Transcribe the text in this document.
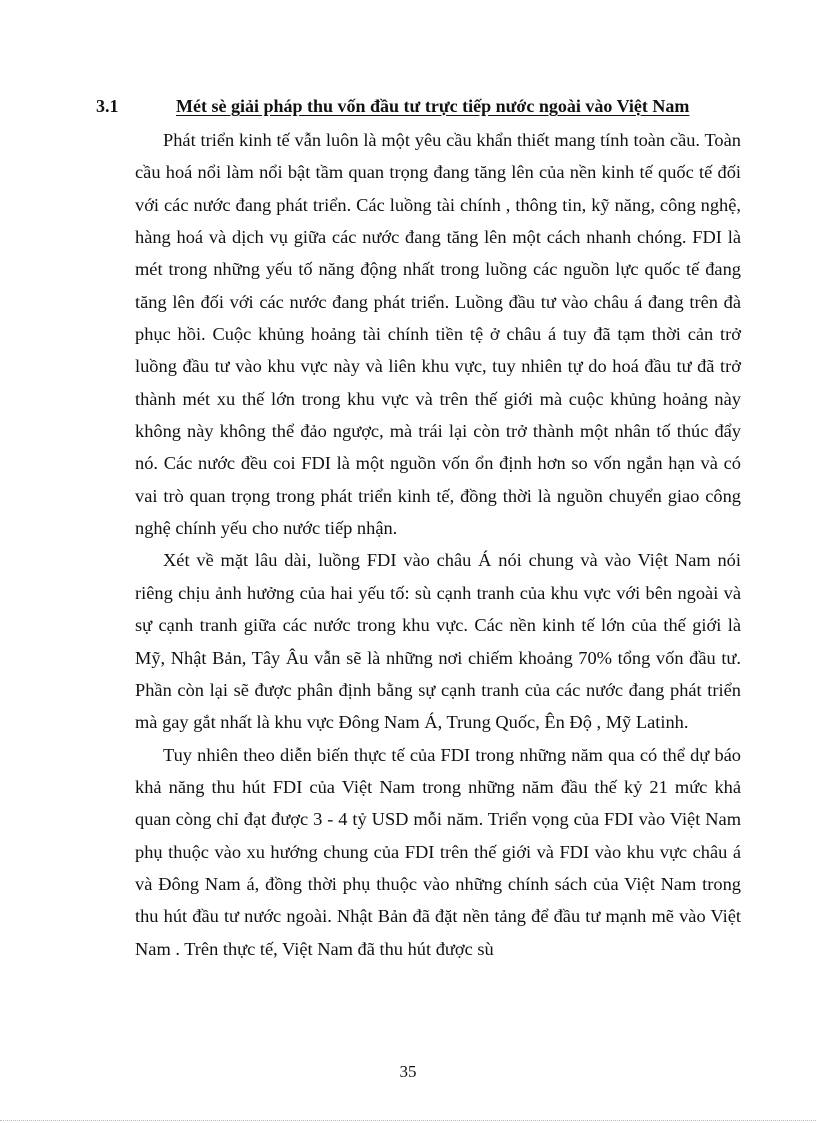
3.1	Mét sè giải pháp thu vốn đầu tư trực tiếp nước ngoài vào Việt Nam

Phát triển kinh tế vẫn luôn là một yêu cầu khẩn thiết mang tính toàn cầu. Toàn cầu hoá nổi làm nổi bật tầm quan trọng đang tăng lên của nền kinh tế quốc tế đối với các nước đang phát triển. Các luồng tài chính , thông tin, kỹ năng, công nghệ, hàng hoá và dịch vụ giữa các nước đang tăng lên một cách nhanh chóng. FDI là mét trong những yếu tố năng động nhất trong luồng các nguồn lực quốc tế đang tăng lên đối với các nước đang phát triển. Luồng đầu tư vào châu á đang trên đà phục hồi. Cuộc khủng hoảng tài chính tiền tệ ở châu á tuy đã tạm thời cản trở luồng đầu tư vào khu vực này và liên khu vực, tuy nhiên tự do hoá đầu tư đã trở thành mét xu thế lớn trong khu vực và trên thế giới mà cuộc khủng hoảng này không này không thể đảo ngược, mà trái lại còn trở thành một nhân tố thúc đẩy nó. Các nước đều coi FDI là một nguồn vốn ổn định hơn so vốn ngắn hạn và có vai trò quan trọng trong phát triển kinh tế, đồng thời là nguồn chuyển giao công nghệ chính yếu cho nước tiếp nhận.

Xét về mặt lâu dài, luồng FDI vào châu Á nói chung và vào Việt Nam nói riêng chịu ảnh hưởng của hai yếu tố: sù cạnh tranh của khu vực với bên ngoài và sự cạnh tranh giữa các nước trong khu vực. Các nền kinh tế lớn của thế giới là Mỹ, Nhật Bản, Tây Âu vẫn sẽ là những nơi chiếm khoảng 70% tổng vốn đầu tư. Phần còn lại sẽ được phân định bằng sự cạnh tranh của các nước đang phát triển mà gay gắt nhất là khu vực Đông Nam Á, Trung Quốc, Ên Độ , Mỹ Latinh.

Tuy nhiên theo diễn biến thực tế của FDI trong những năm qua có thể dự báo khả năng thu hút FDI của Việt Nam trong những năm đầu thế kỷ 21 mức khả quan còng chỉ đạt được 3 - 4 tỷ USD mỗi năm. Triển vọng của FDI vào Việt Nam phụ thuộc vào xu hướng chung của FDI trên thế giới và FDI vào khu vực châu á và Đông Nam á, đồng thời phụ thuộc vào những chính sách của Việt Nam trong thu hút đầu tư nước ngoài. Nhật Bản đã đặt nền tảng để đầu tư mạnh mẽ vào Việt Nam . Trên thực tế, Việt Nam đã thu hút được sù

35
